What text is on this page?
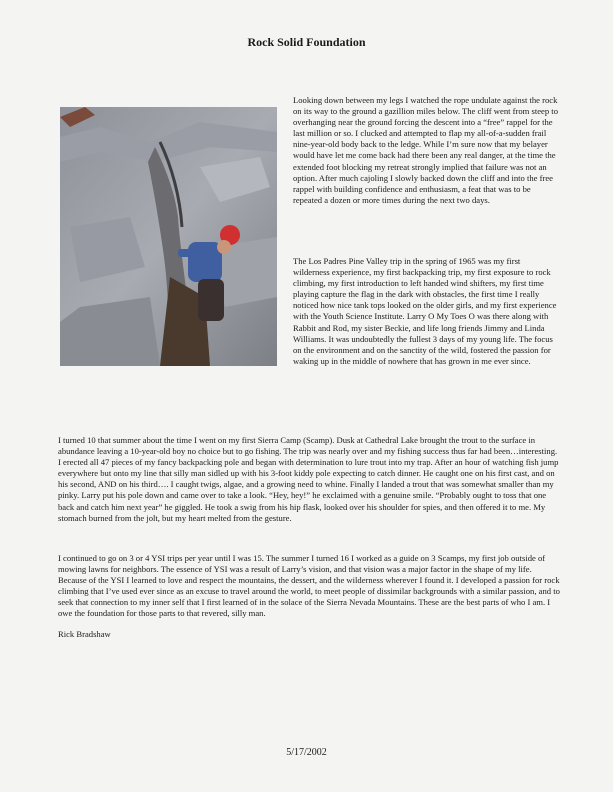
Rock Solid Foundation

Looking down between my legs I watched the rope undulate against the rock on its way to the ground a gazillion miles below. The cliff went from steep to overhanging near the ground forcing the descent into a “free” rappel for the last million or so. I clucked and attempted to flap my all-of-a-sudden frail nine-year-old body back to the ledge. While I’m sure now that my belayer would have let me come back had there been any real danger, at the time the extended foot blocking my retreat strongly implied that failure was not an option. After much cajoling I slowly backed down the cliff and into the free rappel with building confidence and enthusiasm, a feat that was to be repeated a dozen or more times during the next two days.

The Los Padres Pine Valley trip in the spring of 1965 was my first wilderness experience, my first backpacking trip, my first exposure to rock climbing, my first introduction to left handed wind shifters, my first time playing capture the flag in the dark with obstacles, the first time I really noticed how nice tank tops looked on the older girls, and my first experience with the Youth Science Institute. Larry O My Toes O was there along with Rabbit and Rod, my sister Beckie, and life long friends Jimmy and Linda Williams. It was undoubtedly the fullest 3 days of my young life. The focus on the environment and on the sanctity of the wild, fostered the passion for waking up in the middle of nowhere that has grown in me ever since.

I turned 10 that summer about the time I went on my first Sierra Camp (Scamp). Dusk at Cathedral Lake brought the trout to the surface in abundance leaving a 10-year-old boy no choice but to go fishing. The trip was nearly over and my fishing success thus far had been…interesting. I erected all 47 pieces of my fancy backpacking pole and began with determination to lure trout into my trap. After an hour of watching fish jump everywhere but onto my line that silly man sidled up with his 3-foot kiddy pole expecting to catch dinner. He caught one on his first cast, and on his second, AND on his third…. I caught twigs, algae, and a growing need to whine. Finally I landed a trout that was somewhat smaller than my pinky. Larry put his pole down and came over to take a look. “Hey, hey!” he exclaimed with a genuine smile. “Probably ought to toss that one back and catch him next year” he giggled. He took a swig from his hip flask, looked over his shoulder for spies, and then offered it to me. My stomach burned from the jolt, but my heart melted from the gesture.

I continued to go on 3 or 4 YSI trips per year until I was 15. The summer I turned 16 I worked as a guide on 3 Scamps, my first job outside of mowing lawns for neighbors. The essence of YSI was a result of Larry’s vision, and that vision was a major factor in the shape of my life. Because of the YSI I learned to love and respect the mountains, the dessert, and the wilderness wherever I found it. I developed a passion for rock climbing that I’ve used ever since as an excuse to travel around the world, to meet people of dissimilar backgrounds with a similar passion, and to seek that connection to my inner self that I first learned of in the solace of the Sierra Nevada Mountains. These are the best parts of who I am. I owe the foundation for those parts to that revered, silly man.

Rick Bradshaw
5/17/2002
